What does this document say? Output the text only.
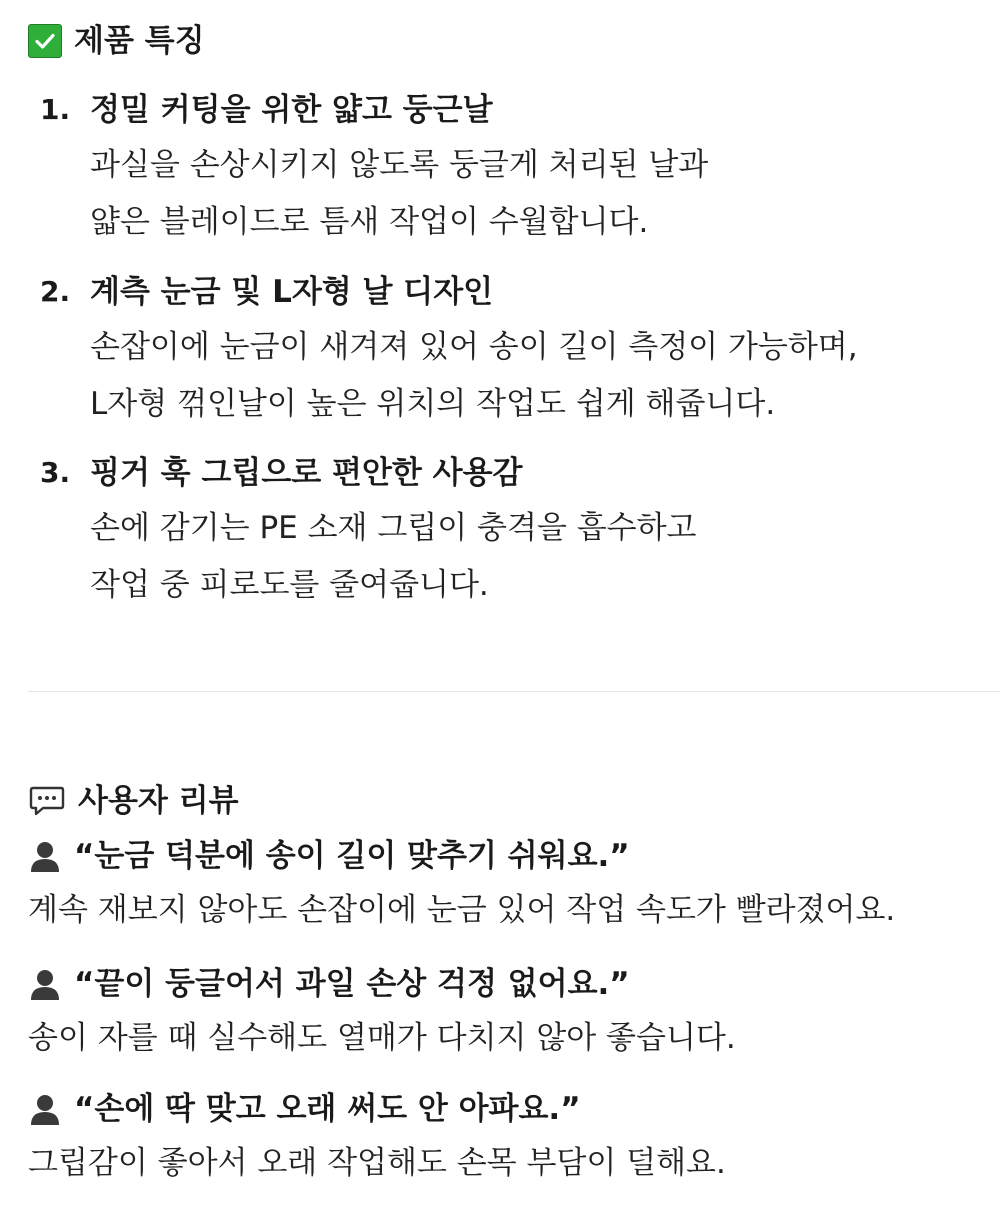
제품 특징
1. 정밀 커팅을 위한 얇고 둥근날
과실을 손상시키지 않도록 둥글게 처리된 날과
얇은 블레이드로 틈새 작업이 수월합니다.
2. 계측 눈금 및 L자형 날 디자인
손잡이에 눈금이 새겨져 있어 송이 길이 측정이 가능하며,
L자형 꺾인날이 높은 위치의 작업도 쉽게 해줍니다.
3. 핑거 훅 그립으로 편안한 사용감
손에 감기는 PE 소재 그립이 충격을 흡수하고
작업 중 피로도를 줄여줍니다.
사용자 리뷰
“눈금 덕분에 송이 길이 맞추기 쉬워요.”
계속 재보지 않아도 손잡이에 눈금 있어 작업 속도가 빨라졌어요.
“끝이 둥글어서 과일 손상 걱정 없어요.”
송이 자를 때 실수해도 열매가 다치지 않아 좋습니다.
“손에 딱 맞고 오래 써도 안 아파요.”
그립감이 좋아서 오래 작업해도 손목 부담이 덜해요.
